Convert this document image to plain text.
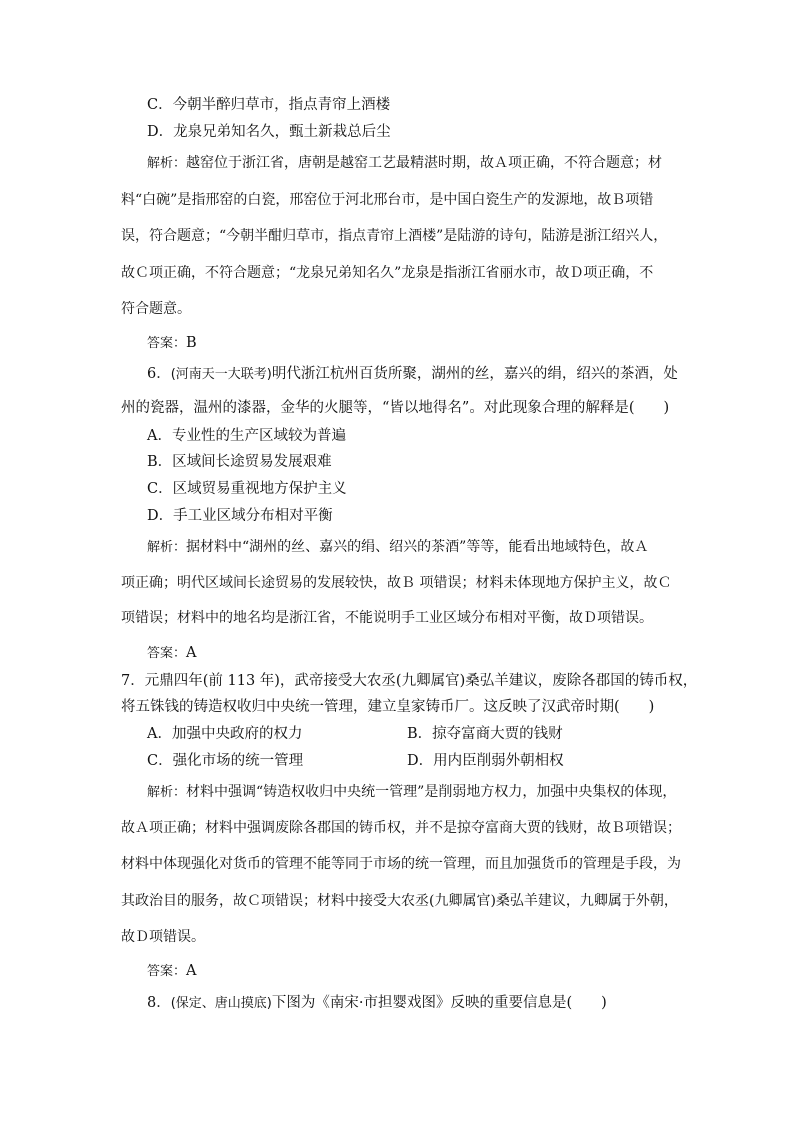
C．今朝半醉归草市，指点青帘上酒楼
D．龙泉兄弟知名久，甄土新栽总后尘
解析：越窑位于浙江省，唐朝是越窑工艺最精湛时期，故Ａ项正确，不符合题意；材
料“白碗”是指邢窑的白瓷，邢窑位于河北邢台市，是中国白瓷生产的发源地，故Ｂ项错
误，符合题意；“今朝半酣归草市，指点青帘上酒楼”是陆游的诗句，陆游是浙江绍兴人，
故Ｃ项正确，不符合题意；“龙泉兄弟知名久”龙泉是指浙江省丽水市，故Ｄ项正确，不
符合题意。
答案：B
6．(河南天一大联考)明代浙江杭州百货所聚，湖州的丝，嘉兴的绢，绍兴的茶酒，处
州的瓷器，温州的漆器，金华的火腿等，“皆以地得名”。对此现象合理的解释是(　　)
A．专业性的生产区域较为普遍
B．区域间长途贸易发展艰难
C．区域贸易重视地方保护主义
D．手工业区域分布相对平衡
解析：据材料中“湖州的丝、嘉兴的绢、绍兴的茶酒”等等，能看出地域特色，故Ａ
项正确；明代区域间长途贸易的发展较快，故Ｂ 项错误；材料未体现地方保护主义，故Ｃ
项错误；材料中的地名均是浙江省，不能说明手工业区域分布相对平衡，故Ｄ项错误。
答案：A
7．元鼎四年(前 113 年)，武帝接受大农丞(九卿属官)桑弘羊建议，废除各郡国的铸币权，
将五铢钱的铸造权收归中央统一管理，建立皇家铸币厂。这反映了汉武帝时期(　　)
A．加强中央政府的权力	B．掠夺富商大贾的钱财
C．强化市场的统一管理	D．用内臣削弱外朝相权
解析：材料中强调“铸造权收归中央统一管理”是削弱地方权力，加强中央集权的体现，
故Ａ项正确；材料中强调废除各郡国的铸币权，并不是掠夺富商大贾的钱财，故Ｂ项错误；
材料中体现强化对货币的管理不能等同于市场的统一管理，而且加强货币的管理是手段，为
其政治目的服务，故Ｃ项错误；材料中接受大农丞(九卿属官)桑弘羊建议，九卿属于外朝，
故Ｄ项错误。
答案：A
8．(保定、唐山摸底)下图为《南宋·市担婴戏图》反映的重要信息是(　　)
